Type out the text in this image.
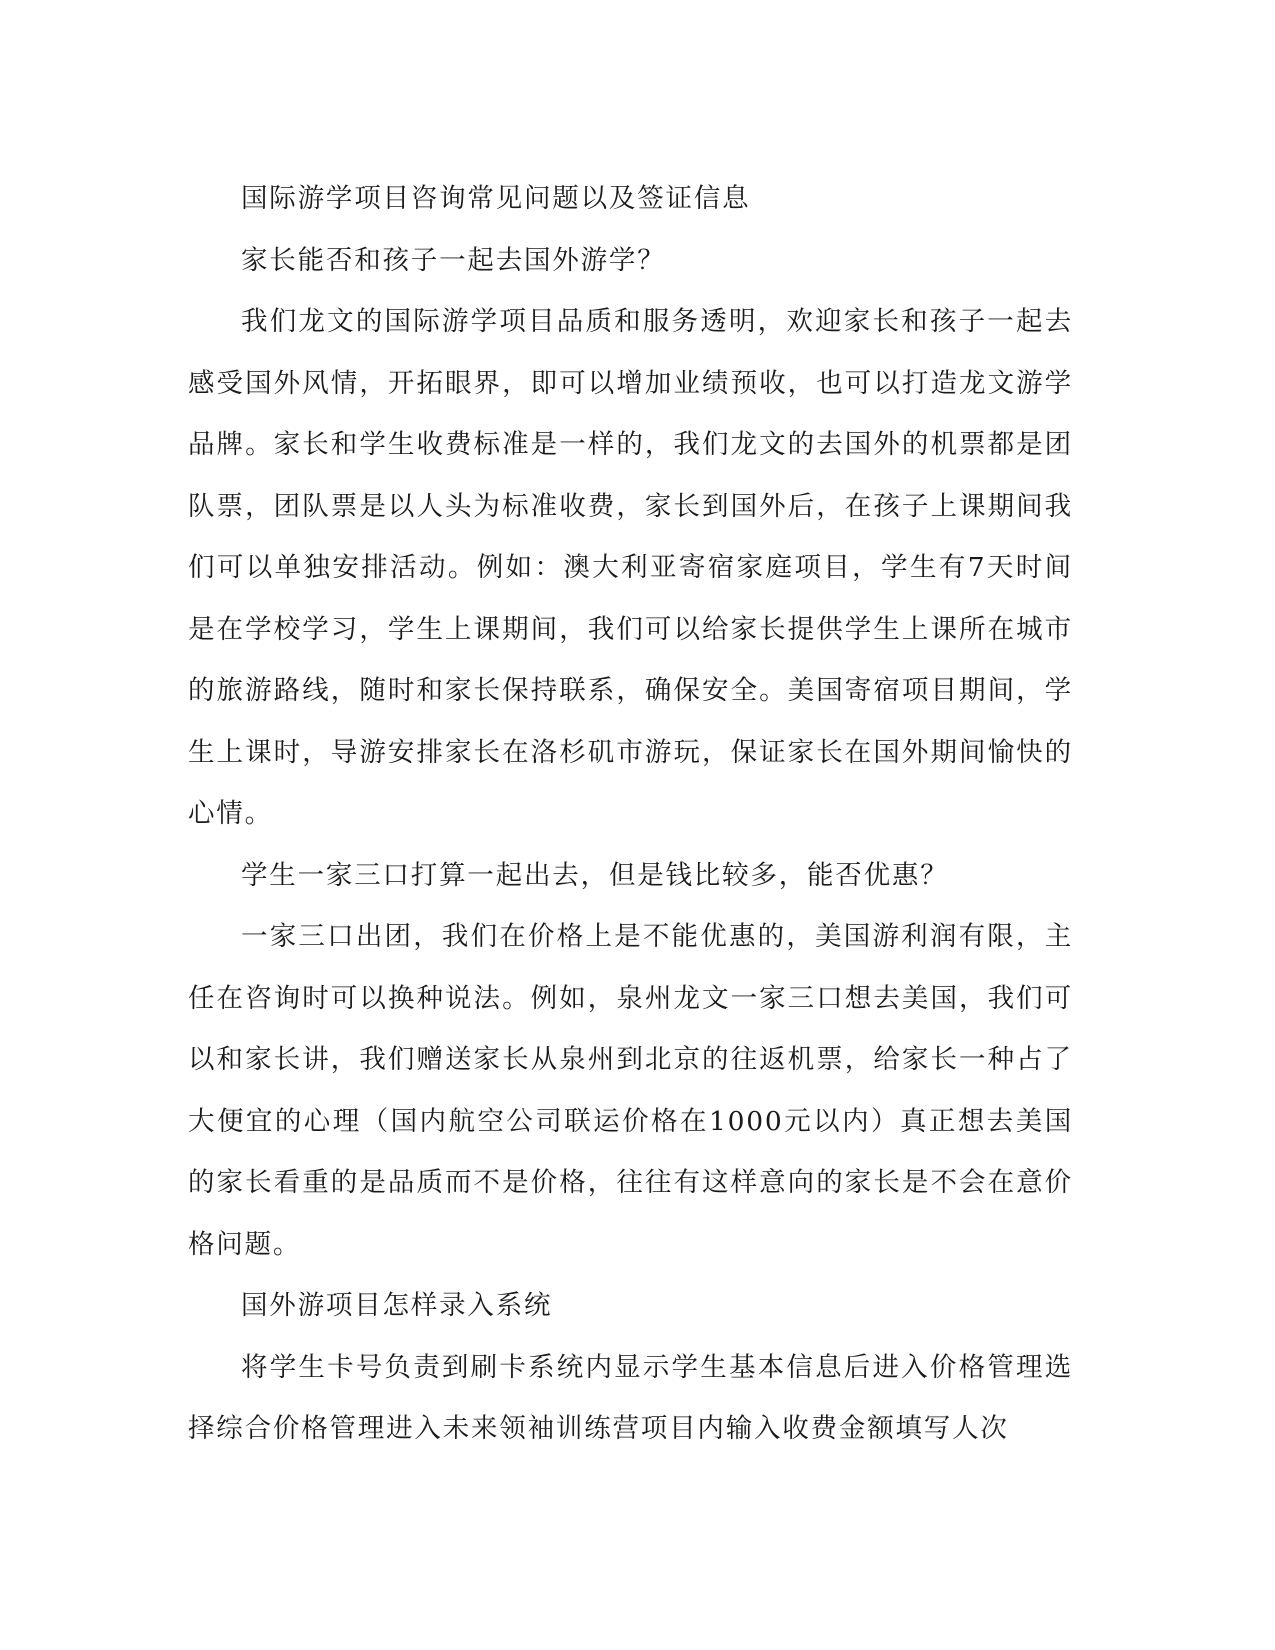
国际游学项目咨询常见问题以及签证信息

家长能否和孩子一起去国外游学？

我们龙文的国际游学项目品质和服务透明，欢迎家长和孩子一起去感受国外风情，开拓眼界，即可以增加业绩预收，也可以打造龙文游学品牌。家长和学生收费标准是一样的，我们龙文的去国外的机票都是团队票，团队票是以人头为标准收费，家长到国外后，在孩子上课期间我们可以单独安排活动。例如：澳大利亚寄宿家庭项目，学生有7天时间是在学校学习，学生上课期间，我们可以给家长提供学生上课所在城市的旅游路线，随时和家长保持联系，确保安全。美国寄宿项目期间，学生上课时，导游安排家长在洛杉矶市游玩，保证家长在国外期间愉快的心情。

学生一家三口打算一起出去，但是钱比较多，能否优惠？

一家三口出团，我们在价格上是不能优惠的，美国游利润有限，主任在咨询时可以换种说法。例如，泉州龙文一家三口想去美国，我们可以和家长讲，我们赠送家长从泉州到北京的往返机票，给家长一种占了大便宜的心理（国内航空公司联运价格在1000元以内）真正想去美国的家长看重的是品质而不是价格，往往有这样意向的家长是不会在意价格问题。

国外游项目怎样录入系统

将学生卡号负责到刷卡系统内显示学生基本信息后进入价格管理选择综合价格管理进入未来领袖训练营项目内输入收费金额填写人次
